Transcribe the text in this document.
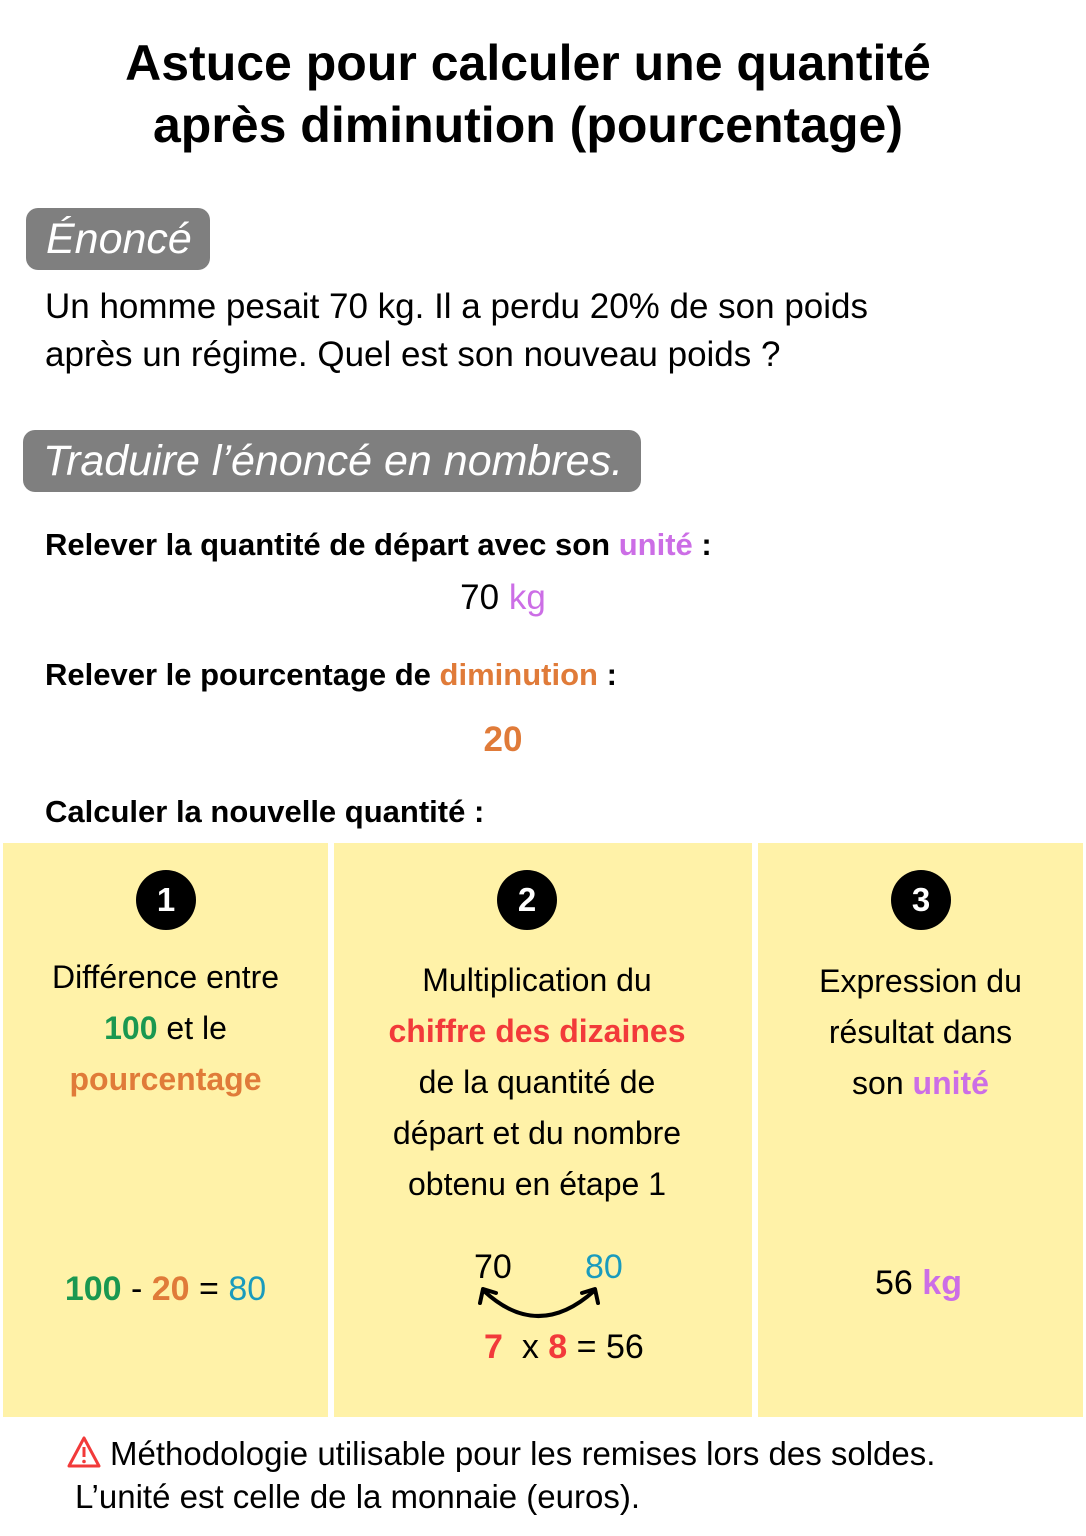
Astuce pour calculer une quantité
après diminution (pourcentage)
Énoncé
Un homme pesait 70 kg. Il a perdu 20% de son poids
après un régime. Quel est son nouveau poids ?
Traduire l’énoncé en nombres.
Relever la quantité de départ avec son unité :
70 kg
Relever le pourcentage de diminution :
20
Calculer la nouvelle quantité :
1
Différence entre
100 et le
pourcentage
100 - 20 = 80
2
Multiplication du
chiffre des dizaines
de la quantité de
départ et du nombre
obtenu en étape 1
70 80
7  x 8 = 56
3
Expression du
résultat dans
son unité
56 kg
Méthodologie utilisable pour les remises lors des soldes.
L’unité est celle de la monnaie (euros).
